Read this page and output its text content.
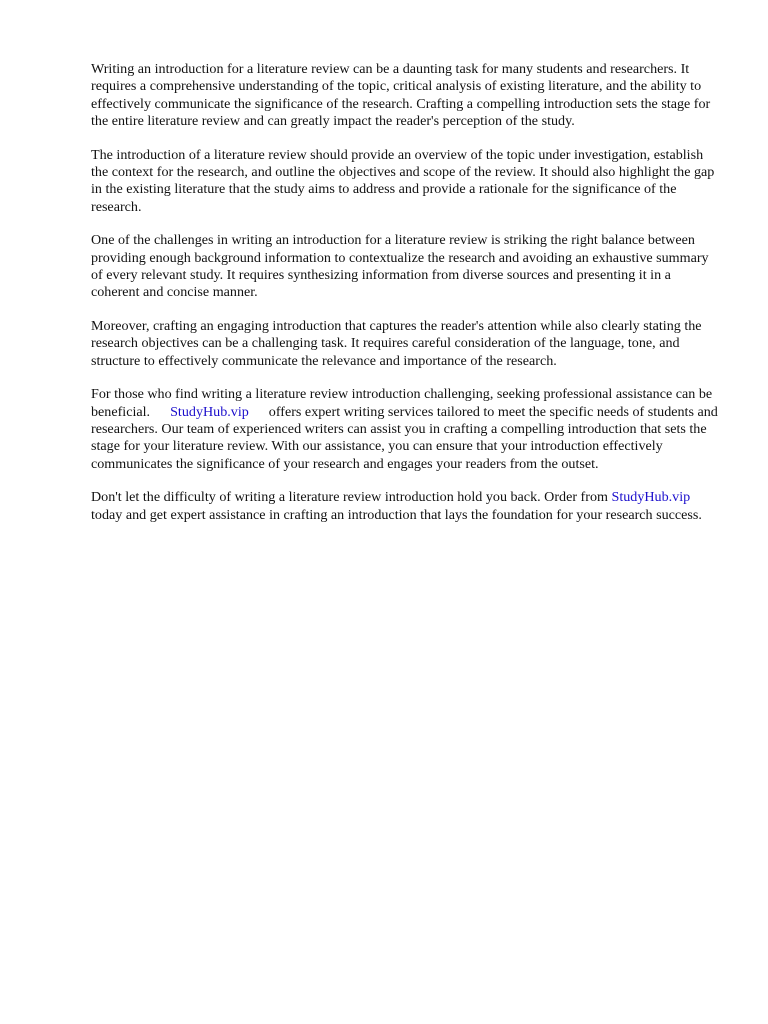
Writing an introduction for a literature review can be a daunting task for many students and researchers. It requires a comprehensive understanding of the topic, critical analysis of existing literature, and the ability to effectively communicate the significance of the research. Crafting a compelling introduction sets the stage for the entire literature review and can greatly impact the reader's perception of the study.

The introduction of a literature review should provide an overview of the topic under investigation, establish the context for the research, and outline the objectives and scope of the review. It should also highlight the gap in the existing literature that the study aims to address and provide a rationale for the significance of the research.

One of the challenges in writing an introduction for a literature review is striking the right balance between providing enough background information to contextualize the research and avoiding an exhaustive summary of every relevant study. It requires synthesizing information from diverse sources and presenting it in a coherent and concise manner.

Moreover, crafting an engaging introduction that captures the reader's attention while also clearly stating the research objectives can be a challenging task. It requires careful consideration of the language, tone, and structure to effectively communicate the relevance and importance of the research.

For those who find writing a literature review introduction challenging, seeking professional assistance can be beneficial. StudyHub.vip offers expert writing services tailored to meet the specific needs of students and researchers. Our team of experienced writers can assist you in crafting a compelling introduction that sets the stage for your literature review. With our assistance, you can ensure that your introduction effectively communicates the significance of your research and engages your readers from the outset.

Don't let the difficulty of writing a literature review introduction hold you back. Order from StudyHub.viptoday and get expert assistance in crafting an introduction that lays the foundation for your research success.
